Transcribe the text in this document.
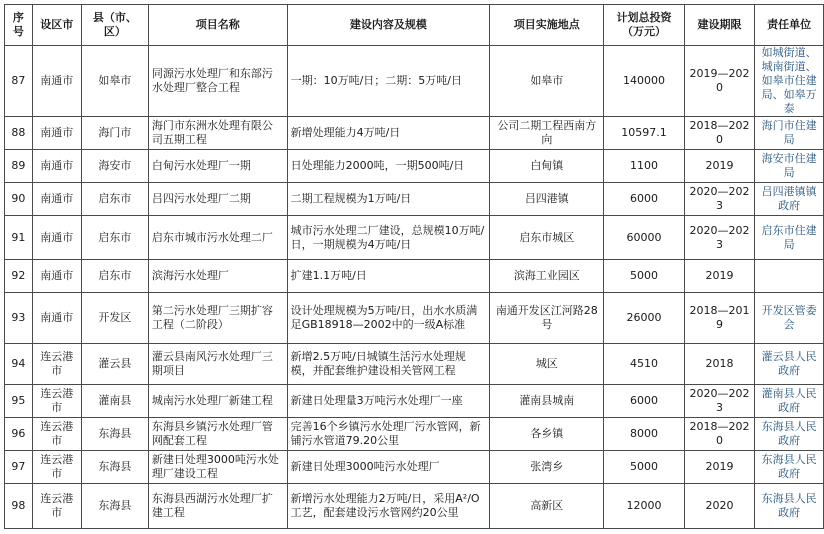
序号	设区市	县（市、区）	项目名称	建设内容及规模	项目实施地点	计划总投资（万元）	建设期限	责任单位
87	南通市	如皋市	同源污水处理厂和东部污水处理厂整合工程	一期：10万吨/日；二期：5万吨/日	如皋市	140000	2019—2020	如城街道、城南街道、如皋市住建局、如皋万泰
88	南通市	海门市	海门市东洲水处理有限公司五期工程	新增处理能力4万吨/日	公司二期工程西南方向	10597.1	2018—2020	海门市住建局
89	南通市	海安市	白甸污水处理厂一期	日处理能力2000吨，一期500吨/日	白甸镇	1100	2019	海安市住建局
90	南通市	启东市	吕四污水处理厂二期	二期工程规模为1万吨/日	吕四港镇	6000	2020—2023	吕四港镇镇政府
91	南通市	启东市	启东市城市污水处理二厂	城市污水处理二厂建设，总规模10万吨/日，一期规模为4万吨/日	启东市城区	60000	2020—2023	启东市住建局
92	南通市	启东市	滨海污水处理厂	扩建1.1万吨/日	滨海工业园区	5000	2019	
93	南通市	开发区	第二污水处理厂三期扩容工程（二阶段）	设计处理规模为5万吨/日，出水水质满足GB18918—2002中的一级A标准	南通开发区江河路28号	26000	2018—2019	开发区管委会
94	连云港市	灌云县	灌云县南风污水处理厂三期项目	新增2.5万吨/日城镇生活污水处理规模，并配套维护建设相关管网工程	城区	4510	2018	灌云县人民政府
95	连云港市	灌南县	城南污水处理厂新建工程	新建日处理量3万吨污水处理厂一座	灌南县城南	6000	2020—2023	灌南县人民政府
96	连云港市	东海县	东海县乡镇污水处理厂管网配套工程	完善16个乡镇污水处理厂污水管网，新铺污水管道79.20公里	各乡镇	8000	2018—2020	东海县人民政府
97	连云港市	东海县	新建日处理3000吨污水处理厂建设工程	新建日处理3000吨污水处理厂	张湾乡	5000	2019	东海县人民政府
98	连云港市	东海县	东海县西湖污水处理厂扩建工程	新增污水处理能力2万吨/日，采用A²/O工艺，配套建设污水管网约20公里	高新区	12000	2020	东海县人民政府
